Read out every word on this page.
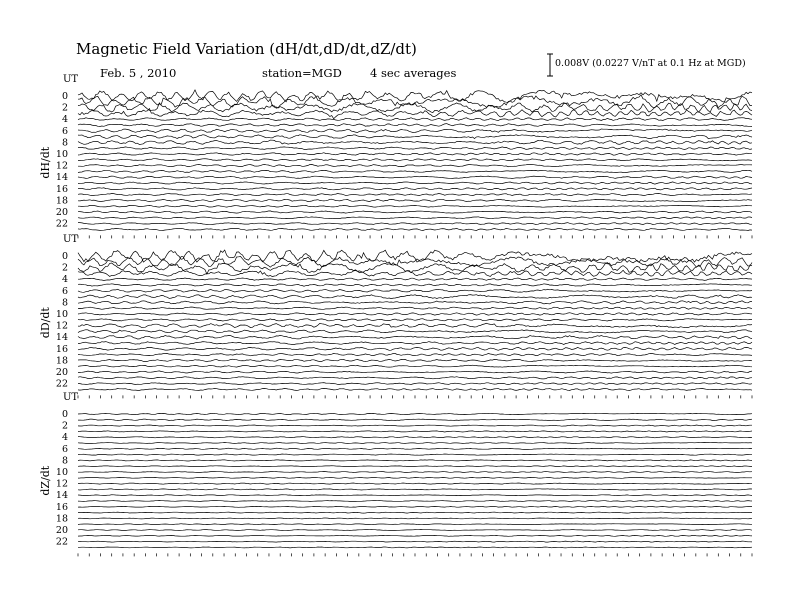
Magnetic Field Variation (dH/dt,dD/dt,dZ/dt)
Feb. 5 , 2010	station=MGD 4 sec averages
0.008V (0.0227 V/nT at 0.1 Hz at MGD)
UT
dH/dt
0
2
4
6
8
10
12
14
16
18
20
22
UT
dD/dt
0
2
4
6
8
10
12
14
16
18
20
22
UT
dZ/dt
0
2
4
6
8
10
12
14
16
18
20
22
